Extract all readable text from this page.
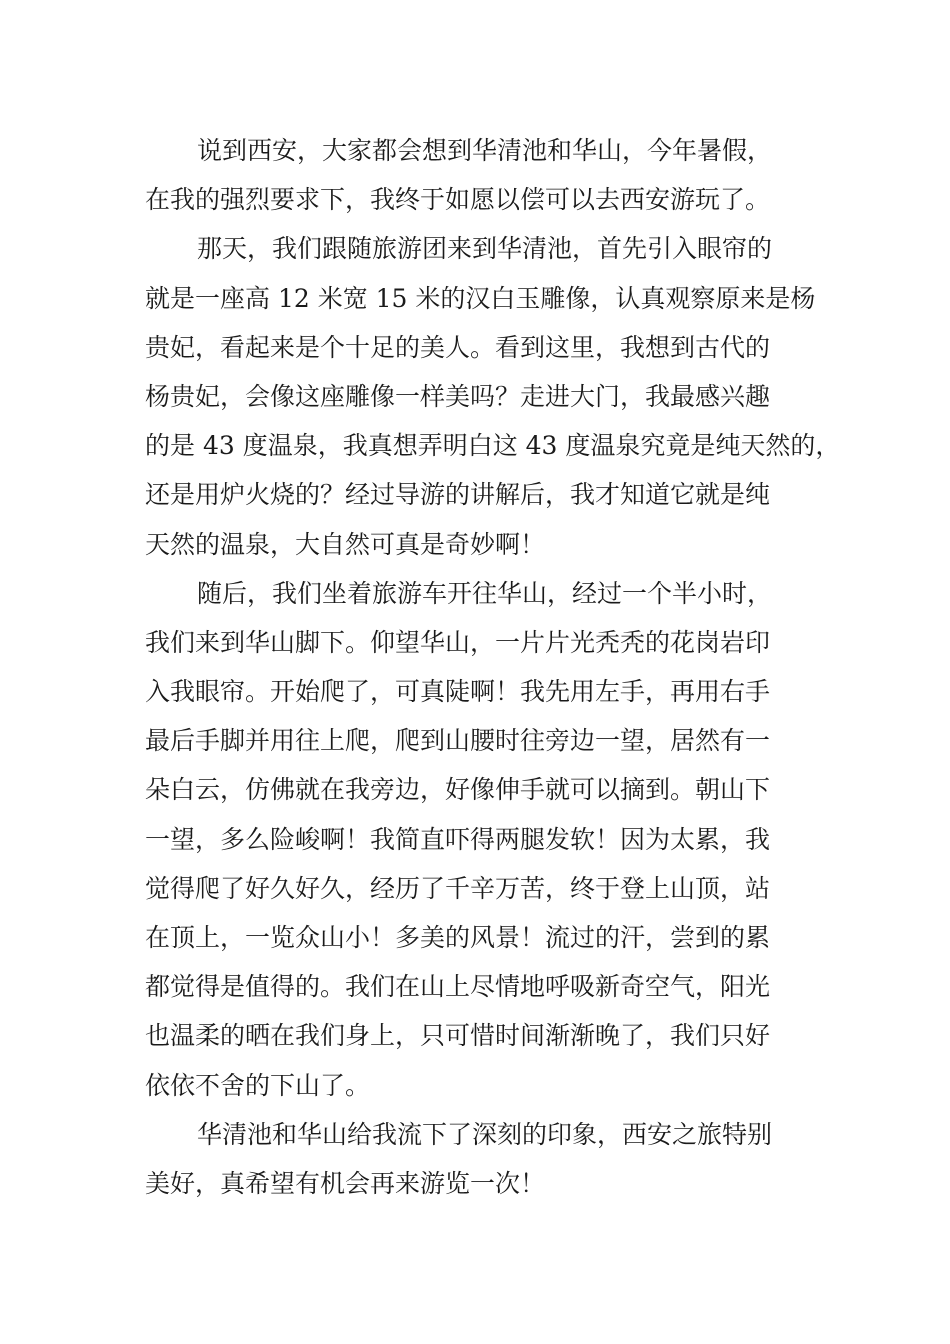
说到西安，大家都会想到华清池和华山，今年暑假，
在我的强烈要求下，我终于如愿以偿可以去西安游玩了。
那天，我们跟随旅游团来到华清池，首先引入眼帘的
就是一座高 12 米宽 15 米的汉白玉雕像，认真观察原来是杨
贵妃，看起来是个十足的美人。看到这里，我想到古代的
杨贵妃，会像这座雕像一样美吗？走进大门，我最感兴趣
的是 43 度温泉，我真想弄明白这 43 度温泉究竟是纯天然的，
还是用炉火烧的？经过导游的讲解后，我才知道它就是纯
天然的温泉，大自然可真是奇妙啊！
随后，我们坐着旅游车开往华山，经过一个半小时，
我们来到华山脚下。仰望华山，一片片光秃秃的花岗岩印
入我眼帘。开始爬了，可真陡啊！我先用左手，再用右手
最后手脚并用往上爬，爬到山腰时往旁边一望，居然有一
朵白云，仿佛就在我旁边，好像伸手就可以摘到。朝山下
一望，多么险峻啊！我简直吓得两腿发软！因为太累，我
觉得爬了好久好久，经历了千辛万苦，终于登上山顶，站
在顶上，一览众山小！多美的风景！流过的汗，尝到的累
都觉得是值得的。我们在山上尽情地呼吸新奇空气，阳光
也温柔的晒在我们身上，只可惜时间渐渐晚了，我们只好
依依不舍的下山了。
华清池和华山给我流下了深刻的印象，西安之旅特别
美好，真希望有机会再来游览一次！
